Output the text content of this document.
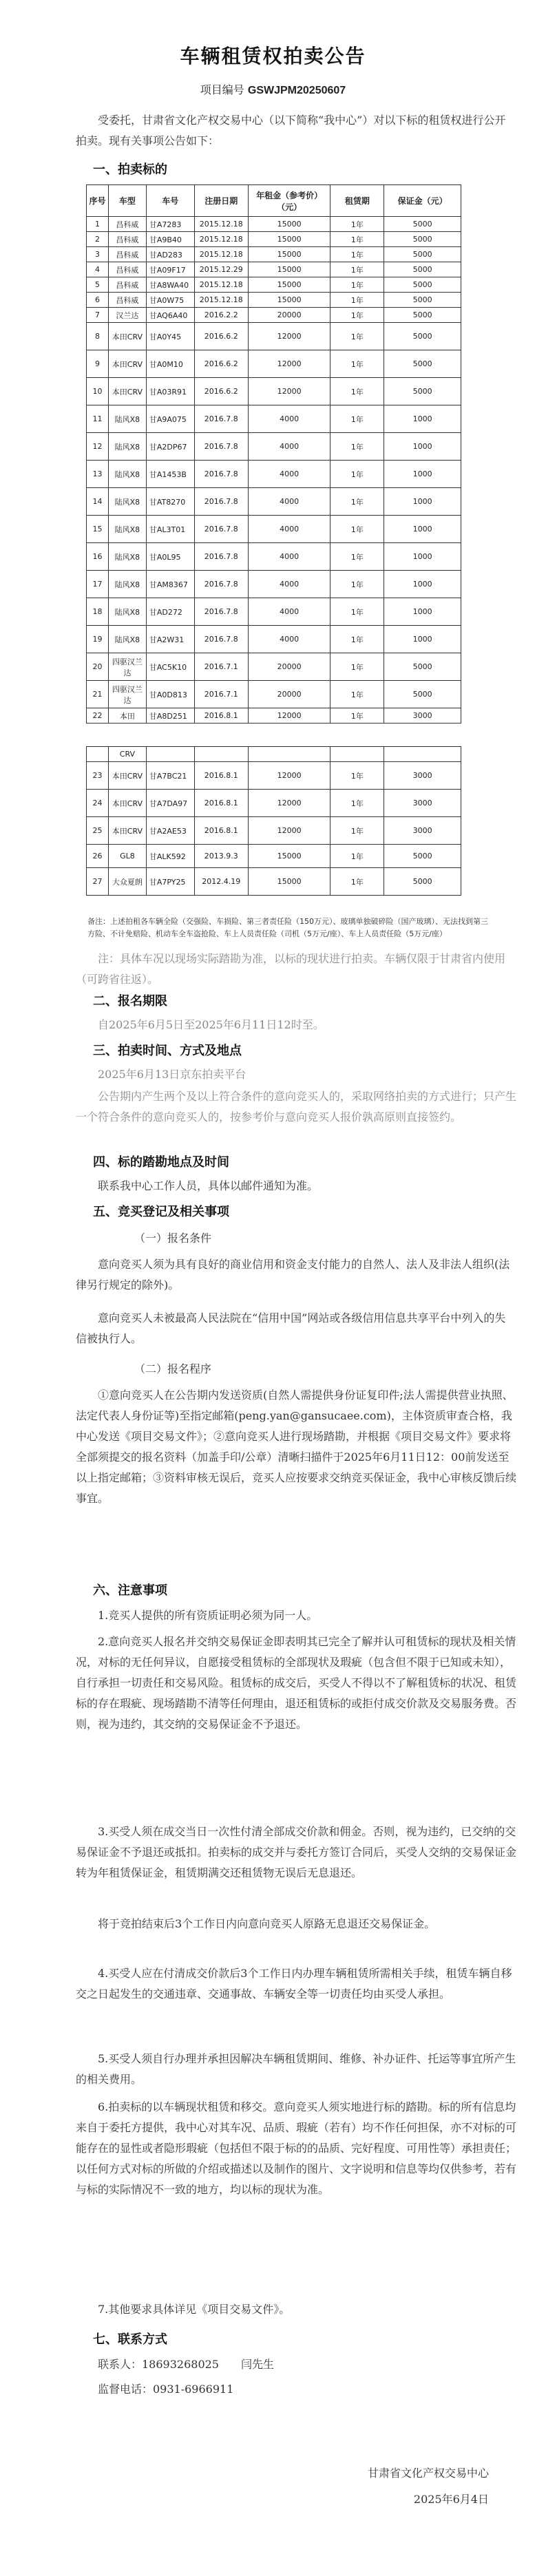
车辆租赁权拍卖公告
项目编号 GSWJPM20250607

受委托，甘肃省文化产权交易中心（以下简称“我中心”）对以下标的租赁权进行公开拍卖。现有关事项公告如下：

一、拍卖标的

序号	车型	车号	注册日期	年租金（参考价）（元）	租赁期	保证金（元）
1	昌科威	甘A7283	2015.12.18	15000	1年	5000
2	昌科威	甘A9B40	2015.12.18	15000	1年	5000
3	昌科威	甘AD283	2015.12.18	15000	1年	5000
4	昌科威	甘A09F17	2015.12.29	15000	1年	5000
5	昌科威	甘A8WA40	2015.12.18	15000	1年	5000
6	昌科威	甘A0W75	2015.12.18	15000	1年	5000
7	汉兰达	甘AQ6A40	2016.2.2	20000	1年	5000
8	本田CRV	甘A0Y45	2016.6.2	12000	1年	5000
9	本田CRV	甘A0M10	2016.6.2	12000	1年	5000
10	本田CRV	甘A03R91	2016.6.2	12000	1年	5000
11	陆风X8	甘A9A075	2016.7.8	4000	1年	1000
12	陆风X8	甘A2DP67	2016.7.8	4000	1年	1000
13	陆风X8	甘A1453B	2016.7.8	4000	1年	1000
14	陆风X8	甘AT8270	2016.7.8	4000	1年	1000
15	陆风X8	甘AL3T01	2016.7.8	4000	1年	1000
16	陆风X8	甘A0L95	2016.7.8	4000	1年	1000
17	陆风X8	甘AM8367	2016.7.8	4000	1年	1000
18	陆风X8	甘AD272	2016.7.8	4000	1年	1000
19	陆风X8	甘A2W31	2016.7.8	4000	1年	1000
20	四驱汉兰达	甘AC5K10	2016.7.1	20000	1年	5000
21	四驱汉兰达	甘A0D813	2016.7.1	20000	1年	5000
22	本田	甘A8D251	2016.8.1	12000	1年	3000
	CRV					
23	本田CRV	甘A7BC21	2016.8.1	12000	1年	3000
24	本田CRV	甘A7DA97	2016.8.1	12000	1年	3000
25	本田CRV	甘A2AE53	2016.8.1	12000	1年	3000
26	GL8	甘ALK592	2013.9.3	15000	1年	5000
27	大众夏朗	甘A7PY25	2012.4.19	15000	1年	5000

备注：上述拍租各车辆全险（交强险、车损险、第三者责任险（150万元）、玻璃单独破碎险（国产玻璃）、无法找到第三方险、不计免赔险、机动车全车盗抢险、车上人员责任险（司机（5万元/座）、车上人员责任险（5万元/座）

注：具体车况以现场实际踏勘为准，以标的现状进行拍卖。车辆仅限于甘肃省内使用（可跨省往返）。

二、报名期限

自2025年6月5日至2025年6月11日12时至。

三、拍卖时间、方式及地点

2025年6月13日京东拍卖平台

公告期内产生两个及以上符合条件的意向竞买人的，采取网络拍卖的方式进行；只产生一个符合条件的意向竞买人的，按参考价与意向竞买人报价孰高原则直接签约。

四、标的踏勘地点及时间

联系我中心工作人员，具体以邮件通知为准。

五、竞买登记及相关事项

（一）报名条件

意向竞买人须为具有良好的商业信用和资金支付能力的自然人、法人及非法人组织(法律另行规定的除外)。

意向竞买人未被最高人民法院在“信用中国”网站或各级信用信息共享平台中列入的失信被执行人。

（二）报名程序

①意向竞买人在公告期内发送资质(自然人需提供身份证复印件;法人需提供营业执照、法定代表人身份证等)至指定邮箱(peng.yan@gansucaee.com)，主体资质审查合格，我中心发送《项目交易文件》；②意向竞买人进行现场踏勘，并根据《项目交易文件》要求将全部须提交的报名资料（加盖手印/公章）清晰扫描件于2025年6月11日12：00前发送至以上指定邮箱；③资料审核无误后，竞买人应按要求交纳竞买保证金，我中心审核反馈后续事宜。

六、注意事项

1.竞买人提供的所有资质证明必须为同一人。

2.意向竞买人报名并交纳交易保证金即表明其已完全了解并认可租赁标的现状及相关情况，对标的无任何异议，自愿接受租赁标的全部现状及瑕疵（包含但不限于已知或未知），自行承担一切责任和交易风险。租赁标的成交后，买受人不得以不了解租赁标的状况、租赁标的存在瑕疵、现场踏勘不清等任何理由，退还租赁标的或拒付成交价款及交易服务费。否则，视为违约，其交纳的交易保证金不予退还。

3.买受人须在成交当日一次性付清全部成交价款和佣金。否则，视为违约，已交纳的交易保证金不予退还或抵扣。拍卖标的成交并与委托方签订合同后，买受人交纳的交易保证金转为年租赁保证金，租赁期满交还租赁物无误后无息退还。

将于竞拍结束后3个工作日内向意向竞买人原路无息退还交易保证金。

4.买受人应在付清成交价款后3个工作日内办理车辆租赁所需相关手续，租赁车辆自移交之日起发生的交通违章、交通事故、车辆安全等一切责任均由买受人承担。

5.买受人须自行办理并承担因解决车辆租赁期间、维修、补办证件、托运等事宜所产生的相关费用。

6.拍卖标的以车辆现状租赁和移交。意向竞买人须实地进行标的踏勘。标的所有信息均来自于委托方提供，我中心对其车况、品质、瑕疵（若有）均不作任何担保，亦不对标的可能存在的显性或者隐形瑕疵（包括但不限于标的的品质、完好程度、可用性等）承担责任；以任何方式对标的所做的介绍或描述以及制作的图片、文字说明和信息等均仅供参考，若有与标的实际情况不一致的地方，均以标的现状为准。

7.其他要求具体详见《项目交易文件》。

七、联系方式

联系人：18693268025　　闫先生

监督电话：0931-6966911

甘肃省文化产权交易中心
2025年6月4日
